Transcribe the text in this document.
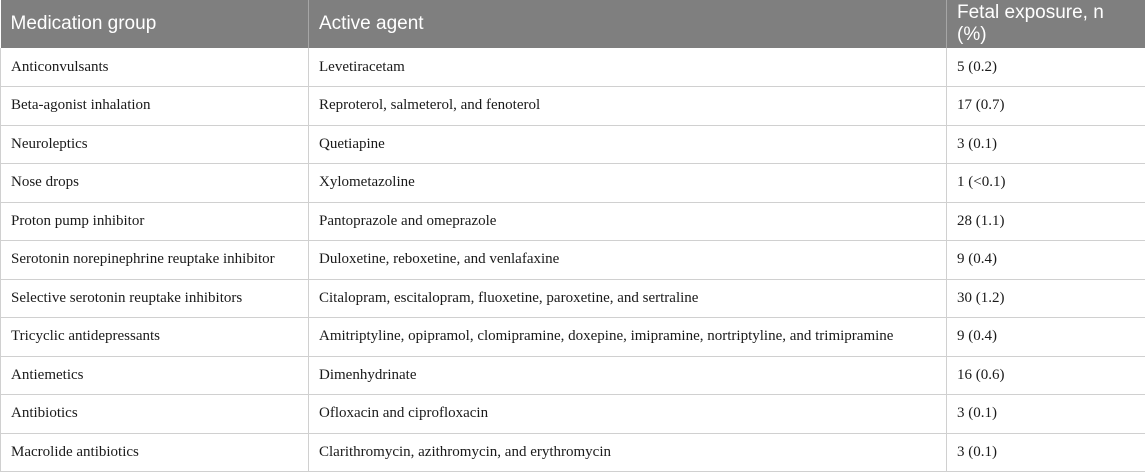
Medication group	Active agent	Fetal exposure, n (%)
Anticonvulsants	Levetiracetam	5 (0.2)
Beta-agonist inhalation	Reproterol, salmeterol, and fenoterol	17 (0.7)
Neuroleptics	Quetiapine	3 (0.1)
Nose drops	Xylometazoline	1 (<0.1)
Proton pump inhibitor	Pantoprazole and omeprazole	28 (1.1)
Serotonin norepinephrine reuptake inhibitor	Duloxetine, reboxetine, and venlafaxine	9 (0.4)
Selective serotonin reuptake inhibitors	Citalopram, escitalopram, fluoxetine, paroxetine, and sertraline	30 (1.2)
Tricyclic antidepressants	Amitriptyline, opipramol, clomipramine, doxepine, imipramine, nortriptyline, and trimipramine	9 (0.4)
Antiemetics	Dimenhydrinate	16 (0.6)
Antibiotics	Ofloxacin and ciprofloxacin	3 (0.1)
Macrolide antibiotics	Clarithromycin, azithromycin, and erythromycin	3 (0.1)
